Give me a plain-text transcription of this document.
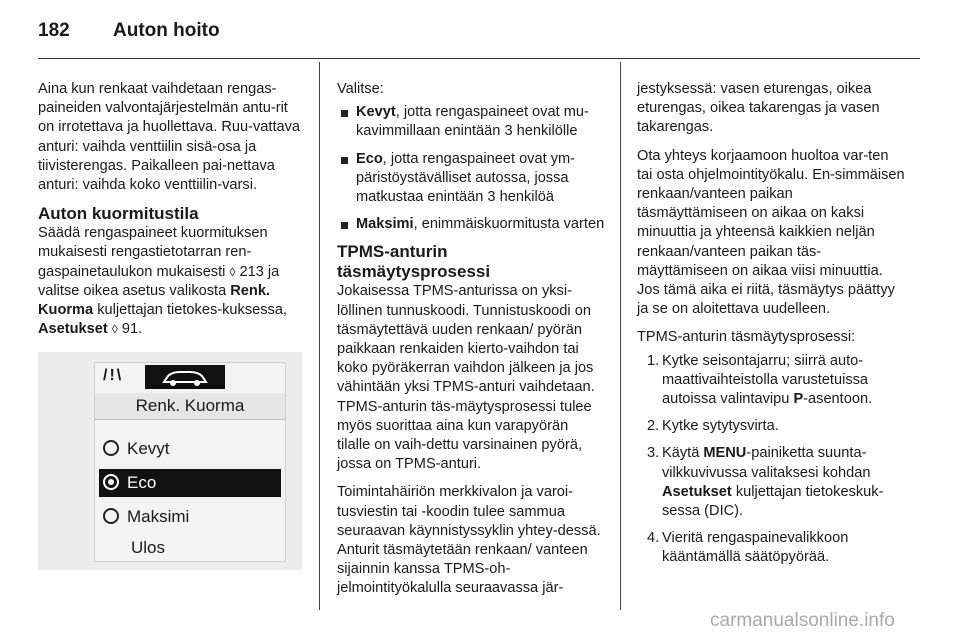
182 Auton hoito

Aina kun renkaat vaihdetaan rengas-paineiden valvontajärjestelmän antu-rit on irrotettava ja huollettava. Ruu-vattava anturi: vaihda venttiilin sisä-osa ja tiivisterengas. Paikalleen pai-nettava anturi: vaihda koko venttiilin-varsi.

Auton kuormitustila

Säädä rengaspaineet kuormituksen mukaisesti rengastietotarran ren-gaspainetaulukon mukaisesti ◊ 213 ja valitse oikea asetus valikosta Renk. Kuorma kuljettajan tietokes-kuksessa, Asetukset ◊ 91.

/!\
Renk. Kuorma
Kevyt
Eco
Maksimi
Ulos

Valitse:

Kevyt, jotta rengaspaineet ovat mu-kavimmillaan enintään 3 henkilölle
Eco, jotta rengaspaineet ovat ym-päristöystävälliset autossa, jossa matkustaa enintään 3 henkilöä
Maksimi, enimmäiskuormitusta varten
TPMS-anturin täsmäytysprosessi

Jokaisessa TPMS-anturissa on yksi-löllinen tunnuskoodi. Tunnistuskoodi on täsmäytettävä uuden renkaan/ pyörän paikkaan renkaiden kierto-vaihdon tai koko pyöräkerran vaihdon jälkeen ja jos vähintään yksi TPMS-anturi vaihdetaan. TPMS-anturin täs-mäytysprosessi tulee myös suorittaa aina kun varapyörän tilalle on vaih-dettu varsinainen pyörä, jossa on TPMS-anturi.

Toimintahäiriön merkkivalon ja varoi-tusviestin tai -koodin tulee sammua seuraavan käynnistyssyklin yhtey-dessä. Anturit täsmäytetään renkaan/ vanteen sijainnin kanssa TPMS-oh-jelmointityökalulla seuraavassa jär-

jestyksessä: vasen eturengas, oikea eturengas, oikea takarengas ja vasen takarengas.

Ota yhteys korjaamoon huoltoa var-ten tai osta ohjelmointityökalu. En-simmäisen renkaan/vanteen paikan täsmäyttämiseen on aikaa on kaksi minuuttia ja yhteensä kaikkien neljän renkaan/vanteen paikan täs-mäyttämiseen on aikaa viisi minuuttia. Jos tämä aika ei riitä, täsmäytys päättyy ja se on aloitettava uudelleen.

TPMS-anturin täsmäytysprosessi:

1. Kytke seisontajarru; siirrä auto-maattivaihteistolla varustetuissa autoissa valintavipu P-asentoon.
2. Kytke sytytysvirta.
3. Käytä MENU-painiketta suunta-vilkkuvivussa valitaksesi kohdan Asetukset kuljettajan tietokeskuk-sessa (DIC).
4. Vieritä rengaspainevalikkoon kääntämällä säätöpyörää.
carmanualsonline.info
